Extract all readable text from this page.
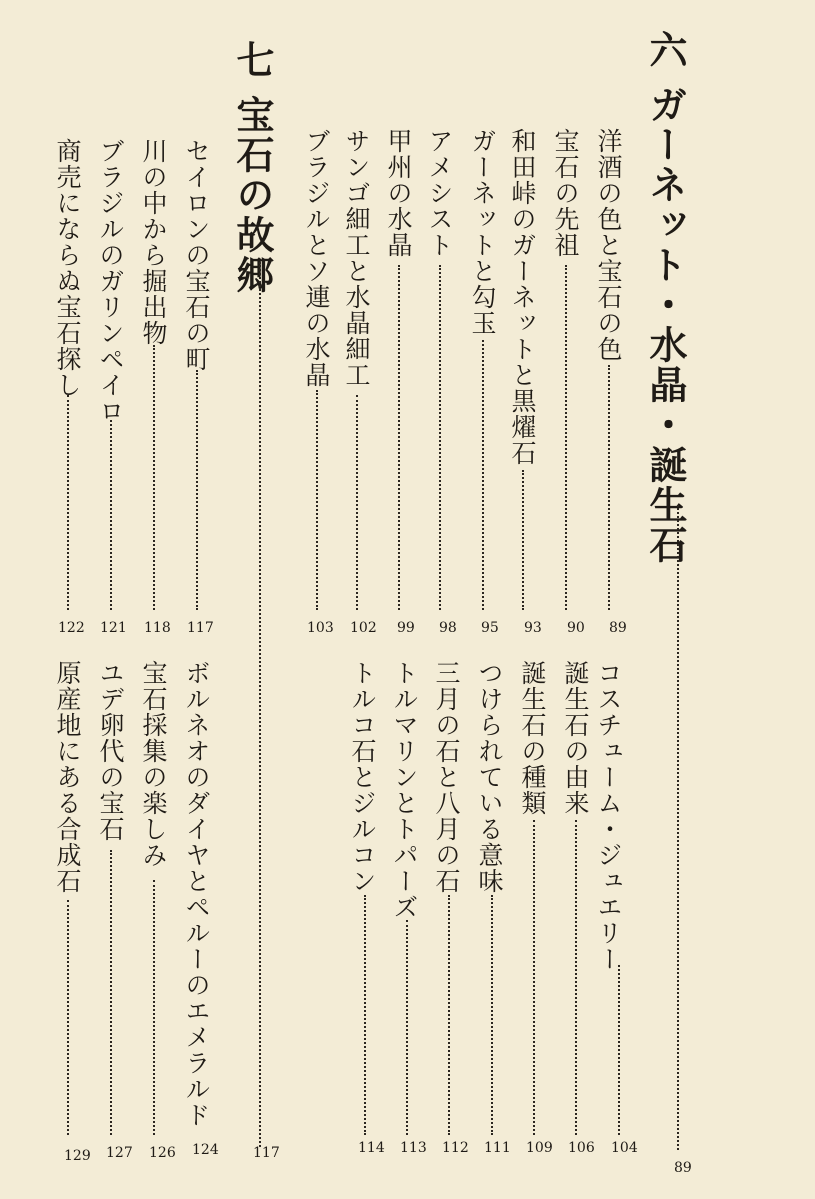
六 ガーネット・水晶・誕生石
89
洋酒の色と宝石の色
89
宝石の先祖
90
和田峠のガーネットと黒燿石
93
ガーネットと勾玉
95
アメシスト
98
甲州の水晶
99
サンゴ細工と水晶細工
102
ブラジルとソ連の水晶
103
七 宝石の故郷
117
セイロンの宝石の町
117
川の中から掘出物
118
ブラジルのガリンペイロ
121
商売にならぬ宝石探し
122
コスチューム・ジュエリー
104
誕生石の由来
106
誕生石の種類
109
つけられている意味
111
三月の石と八月の石
112
トルマリンとトパーズ
113
トルコ石とジルコン
114
ボルネオのダイヤとペルーのエメラルド
124
宝石採集の楽しみ
126
ユデ卵代の宝石
127
原産地にある合成石
129
